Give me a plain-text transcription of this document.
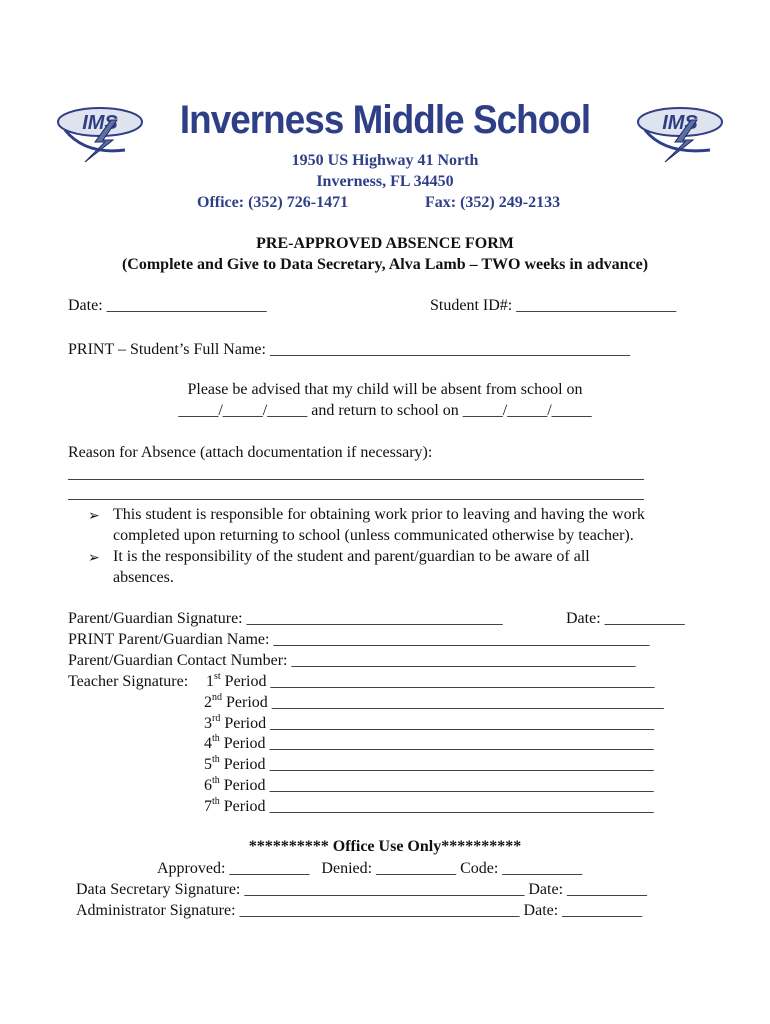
IMS	IMS
Inverness Middle School
1950 US Highway 41 North
Inverness, FL 34450
Office: (352) 726-1471	Fax: (352) 249-2133
PRE-APPROVED ABSENCE FORM
(Complete and Give to Data Secretary, Alva Lamb – TWO weeks in advance)
Date: ____________________	Student ID#: ____________________
PRINT – Student’s Full Name: _____________________________________________
Please be advised that my child will be absent from school on
_____/_____/_____ and return to school on _____/_____/_____
Reason for Absence (attach documentation if necessary):
________________________________________________________________________
________________________________________________________________________
➢ This student is responsible for obtaining work prior to leaving and having the work
completed upon returning to school (unless communicated otherwise by teacher).
➢ It is the responsibility of the student and parent/guardian to be aware of all
absences.
Parent/Guardian Signature: ________________________________	Date: __________
PRINT Parent/Guardian Name: _______________________________________________
Parent/Guardian Contact Number: ___________________________________________
Teacher Signature: 1st Period ________________________________________________
2nd Period _________________________________________________
3rd Period ________________________________________________
4th Period ________________________________________________
5th Period ________________________________________________
6th Period ________________________________________________
7th Period ________________________________________________
********** Office Use Only**********
Approved: __________   Denied: __________ Code: __________
Data Secretary Signature: ___________________________________ Date: __________
Administrator Signature: ___________________________________ Date: __________
